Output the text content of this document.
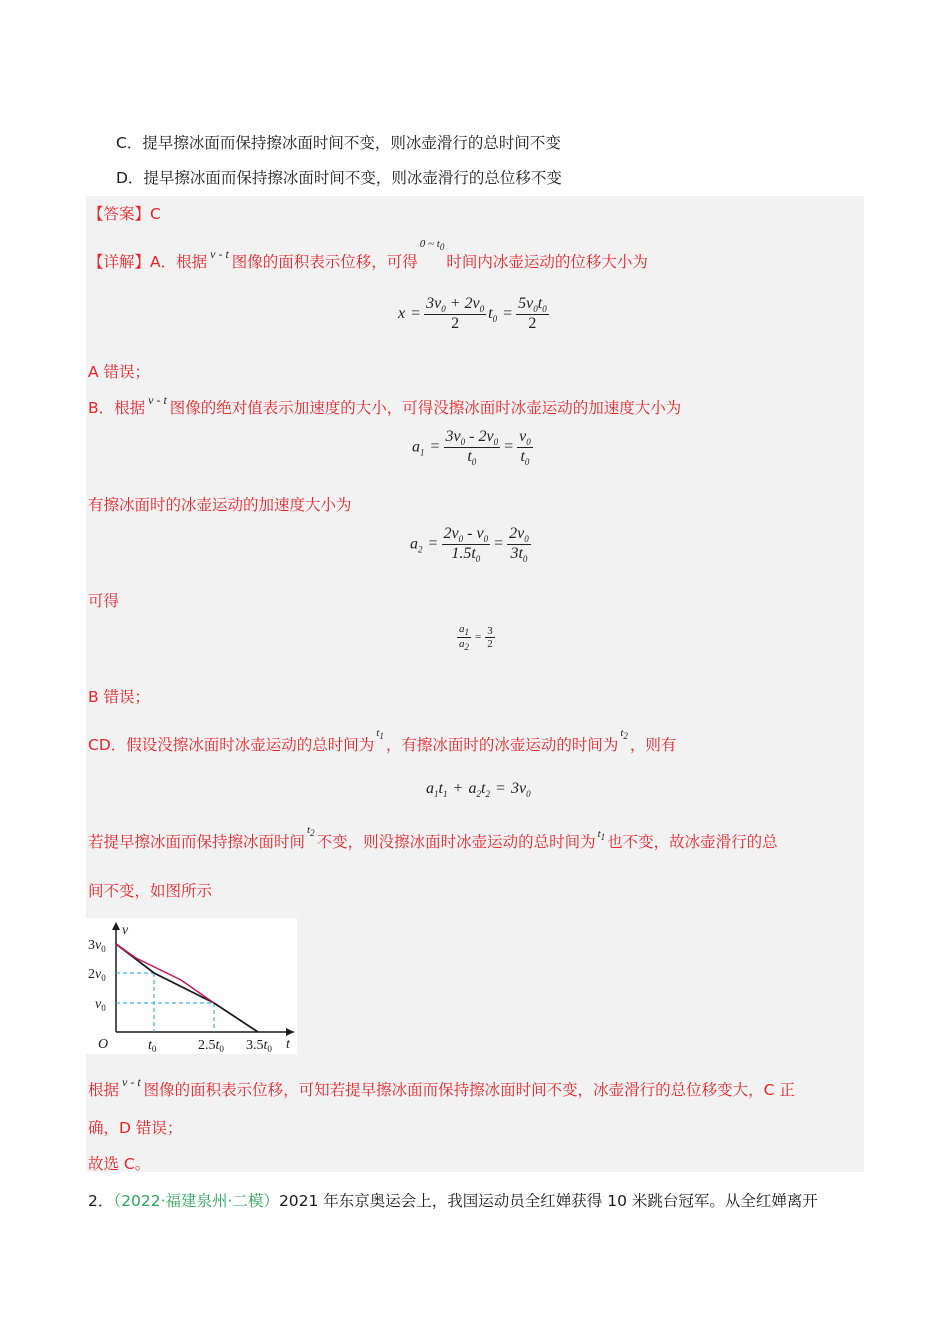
C．提早擦冰面而保持擦冰面时间不变，则冰壶滑行的总时间不变
D．提早擦冰面而保持擦冰面时间不变，则冰壶滑行的总位移不变
【答案】C
【详解】A．根据 $^{v - t}$ 图像的面积表示位移，可得$^{0 \sim t_0}$时间内冰壶运动的位移大小为
$x = \frac{3v_0 + 2v_0}{2} t_0 = \frac{5v_0t_0}{2}$
A 错误；
B．根据 $^{v - t}$ 图像的绝对值表示加速度的大小，可得没擦冰面时冰壶运动的加速度大小为
$a_1 = \frac{3v_0 - 2v_0}{t_0} = \frac{v_0}{t_0}$
有擦冰面时的冰壶运动的加速度大小为
$a_2 = \frac{2v_0 - v_0}{1.5t_0} = \frac{2v_0}{3t_0}$
可得
$\frac{a_1}{a_2} = \frac{3}{2}$
B 错误；
CD．假设没擦冰面时冰壶运动的总时间为$^{t_1}$ ，有擦冰面时的冰壶运动的时间为$^{t_2}$ ，则有
$a_1t_1 + a_2t_2 = 3v_0$
若提早擦冰面而保持擦冰面时间$^{t_2}$ 不变，则没擦冰面时冰壶运动的总时间为 $^{t_1}$ 也不变，故冰壶滑行的总
间不变，如图所示
v
t
O
$3v_0$
$2v_0$
$v_0$
$t_0$	$2.5t_0$ $3.5t_0$
根据 $^{v - t}$ 图像的面积表示位移，可知若提早擦冰面而保持擦冰面时间不变，冰壶滑行的总位移变大，C 正
确，D 错误；
故选 C。
2．（2022·福建泉州·二模）2021 年东京奥运会上，我国运动员全红婵获得 10 米跳台冠军。从全红婵离开
